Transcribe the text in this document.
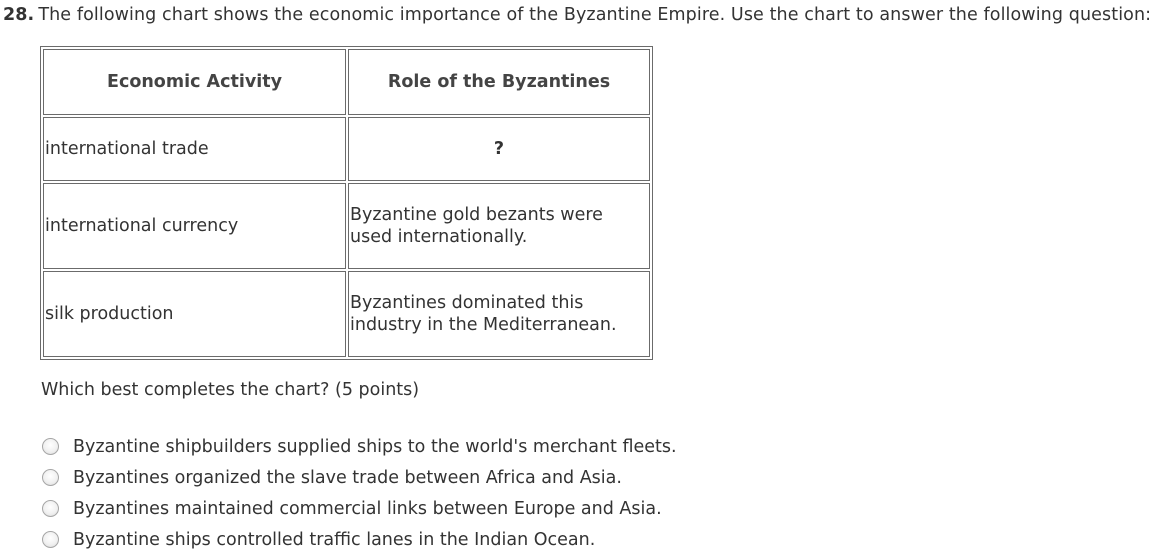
28. The following chart shows the economic importance of the Byzantine Empire. Use the chart to answer the following question:
Economic Activity	Role of the Byzantines
international trade	?
international currency	Byzantine gold bezants were used internationally.
silk production	Byzantines dominated this industry in the Mediterranean.
Which best completes the chart? (5 points)
Byzantine shipbuilders supplied ships to the world's merchant fleets.
Byzantines organized the slave trade between Africa and Asia.
Byzantines maintained commercial links between Europe and Asia.
Byzantine ships controlled traffic lanes in the Indian Ocean.
